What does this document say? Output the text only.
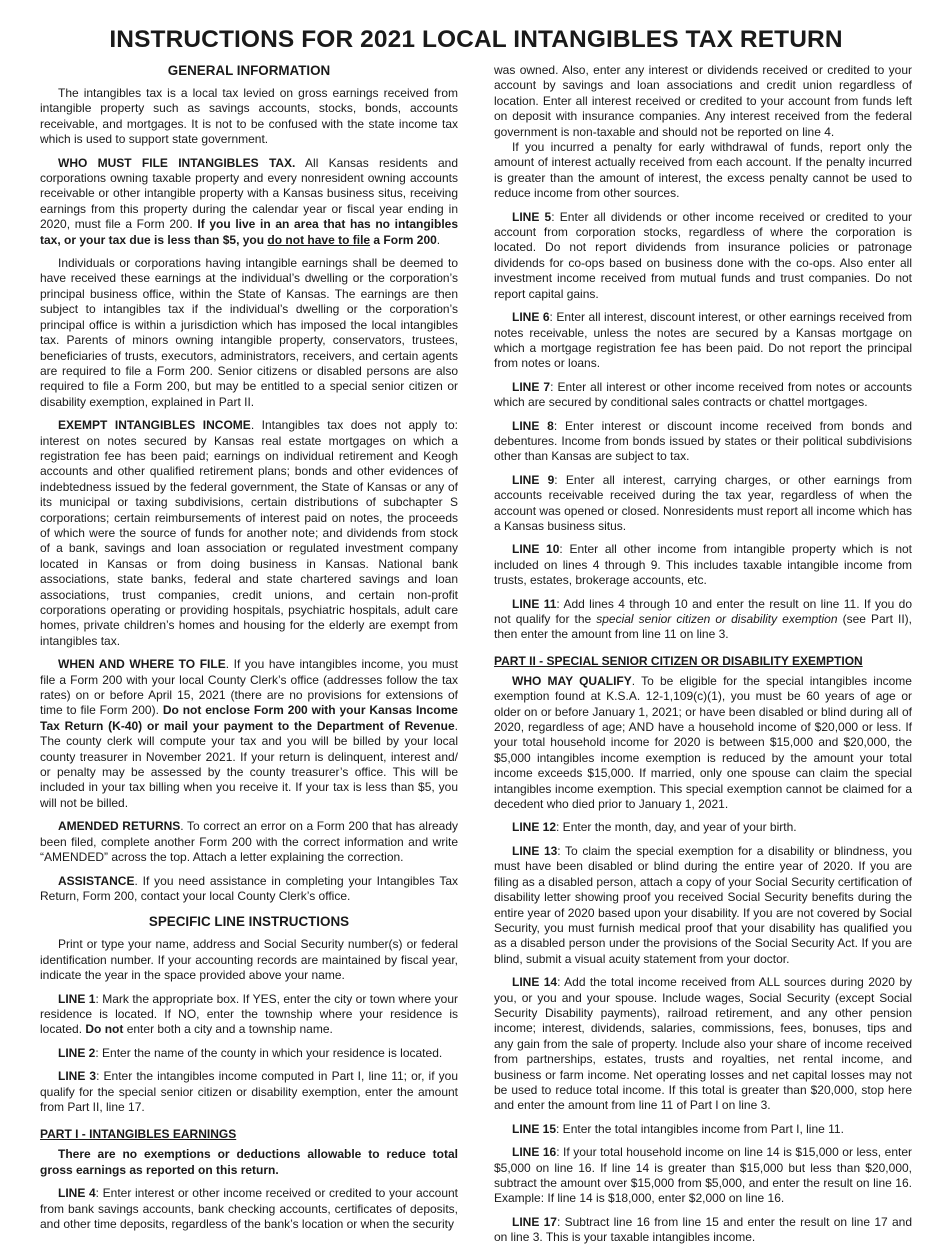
INSTRUCTIONS FOR 2021 LOCAL INTANGIBLES TAX RETURN
GENERAL INFORMATION

The intangibles tax is a local tax levied on gross earnings received from intangible property such as savings accounts, stocks, bonds, accounts receivable, and mortgages. It is not to be confused with the state income tax which is used to support state government.

WHO MUST FILE INTANGIBLES TAX. All Kansas residents and corporations owning taxable property and every nonresident owning accounts receivable or other intangible property with a Kansas business situs, receiving earnings from this property during the calendar year or fiscal year ending in 2020, must file a Form 200. If you live in an area that has no intangibles tax, or your tax due is less than $5, you do not have to file a Form 200.

Individuals or corporations having intangible earnings shall be deemed to have received these earnings at the individual’s dwelling or the corporation’s principal business office, within the State of Kansas. The earnings are then subject to intangibles tax if the individual’s dwelling or the corporation’s principal office is within a jurisdiction which has imposed the local intangibles tax. Parents of minors owning intangible property, conservators, trustees, beneficiaries of trusts, executors, administrators, receivers, and certain agents are required to file a Form 200. Senior citizens or disabled persons are also required to file a Form 200, but may be entitled to a special senior citizen or disability exemption, explained in Part II.

EXEMPT INTANGIBLES INCOME. Intangibles tax does not apply to: interest on notes secured by Kansas real estate mortgages on which a registration fee has been paid; earnings on individual retirement and Keogh accounts and other qualified retirement plans; bonds and other evidences of indebtedness issued by the federal government, the State of Kansas or any of its municipal or taxing subdivisions, certain distributions of subchapter S corporations; certain reimbursements of interest paid on notes, the proceeds of which were the source of funds for another note; and dividends from stock of a bank, savings and loan association or regulated investment company located in Kansas or from doing business in Kansas. National bank associations, state banks, federal and state chartered savings and loan associations, trust companies, credit unions, and certain non-profit corporations operating or providing hospitals, psychiatric hospitals, adult care homes, private children’s homes and housing for the elderly are exempt from intangibles tax.

WHEN AND WHERE TO FILE. If you have intangibles income, you must file a Form 200 with your local County Clerk’s office (addresses follow the tax rates) on or before April 15, 2021 (there are no provisions for extensions of time to file Form 200). Do not enclose Form 200 with your Kansas Income Tax Return (K-40) or mail your payment to the Department of Revenue. The county clerk will compute your tax and you will be billed by your local county treasurer in November 2021. If your return is delinquent, interest and/ or penalty may be assessed by the county treasurer’s office. This will be included in your tax billing when you receive it. If your tax is less than $5, you will not be billed.

AMENDED RETURNS. To correct an error on a Form 200 that has already been filed, complete another Form 200 with the correct information and write “AMENDED” across the top. Attach a letter explaining the correction.

ASSISTANCE. If you need assistance in completing your Intangibles Tax Return, Form 200, contact your local County Clerk’s office.

SPECIFIC LINE INSTRUCTIONS

Print or type your name, address and Social Security number(s) or federal identification number. If your accounting records are maintained by fiscal year, indicate the year in the space provided above your name.

LINE 1: Mark the appropriate box. If YES, enter the city or town where your residence is located. If NO, enter the township where your residence is located. Do not enter both a city and a township name.

LINE 2: Enter the name of the county in which your residence is located.

LINE 3: Enter the intangibles income computed in Part I, line 11; or, if you qualify for the special senior citizen or disability exemption, enter the amount from Part II, line 17.

PART I - INTANGIBLES EARNINGS

There are no exemptions or deductions allowable to reduce total gross earnings as reported on this return.

LINE 4: Enter interest or other income received or credited to your account from bank savings accounts, bank checking accounts, certificates of deposits, and other time deposits, regardless of the bank’s location or when the security

was owned. Also, enter any interest or dividends received or credited to your account by savings and loan associations and credit union regardless of location. Enter all interest received or credited to your account from funds left on deposit with insurance companies. Any interest received from the federal government is non-taxable and should not be reported on line 4.

If you incurred a penalty for early withdrawal of funds, report only the amount of interest actually received from each account. If the penalty incurred is greater than the amount of interest, the excess penalty cannot be used to reduce income from other sources.

LINE 5: Enter all dividends or other income received or credited to your account from corporation stocks, regardless of where the corporation is located. Do not report dividends from insurance policies or patronage dividends for co-ops based on business done with the co-ops. Also enter all investment income received from mutual funds and trust companies. Do not report capital gains.

LINE 6: Enter all interest, discount interest, or other earnings received from notes receivable, unless the notes are secured by a Kansas mortgage on which a mortgage registration fee has been paid. Do not report the principal from notes or loans.

LINE 7: Enter all interest or other income received from notes or accounts which are secured by conditional sales contracts or chattel mortgages.

LINE 8: Enter interest or discount income received from bonds and debentures. Income from bonds issued by states or their political subdivisions other than Kansas are subject to tax.

LINE 9: Enter all interest, carrying charges, or other earnings from accounts receivable received during the tax year, regardless of when the account was opened or closed. Nonresidents must report all income which has a Kansas business situs.

LINE 10: Enter all other income from intangible property which is not included on lines 4 through 9. This includes taxable intangible income from trusts, estates, brokerage accounts, etc.

LINE 11: Add lines 4 through 10 and enter the result on line 11. If you do not qualify for the special senior citizen or disability exemption (see Part II), then enter the amount from line 11 on line 3.

PART II - SPECIAL SENIOR CITIZEN OR DISABILITY EXEMPTION

WHO MAY QUALIFY. To be eligible for the special intangibles income exemption found at K.S.A. 12-1,109(c)(1), you must be 60 years of age or older on or before January 1, 2021; or have been disabled or blind during all of 2020, regardless of age; AND have a household income of $20,000 or less. If your total household income for 2020 is between $15,000 and $20,000, the $5,000 intangibles income exemption is reduced by the amount your total income exceeds $15,000. If married, only one spouse can claim the special intangibles income exemption. This special exemption cannot be claimed for a decedent who died prior to January 1, 2021.

LINE 12: Enter the month, day, and year of your birth.

LINE 13: To claim the special exemption for a disability or blindness, you must have been disabled or blind during the entire year of 2020. If you are filing as a disabled person, attach a copy of your Social Security certification of disability letter showing proof you received Social Security benefits during the entire year of 2020 based upon your disability. If you are not covered by Social Security, you must furnish medical proof that your disability has qualified you as a disabled person under the provisions of the Social Security Act. If you are blind, submit a visual acuity statement from your doctor.

LINE 14: Add the total income received from ALL sources during 2020 by you, or you and your spouse. Include wages, Social Security (except Social Security Disability payments), railroad retirement, and any other pension income; interest, dividends, salaries, commissions, fees, bonuses, tips and any gain from the sale of property. Include also your share of income received from partnerships, estates, trusts and royalties, net rental income, and business or farm income. Net operating losses and net capital losses may not be used to reduce total income. If this total is greater than $20,000, stop here and enter the amount from line 11 of Part I on line 3.

LINE 15: Enter the total intangibles income from Part I, line 11.

LINE 16: If your total household income on line 14 is $15,000 or less, enter $5,000 on line 16. If line 14 is greater than $15,000 but less than $20,000, subtract the amount over $15,000 from $5,000, and enter the result on line 16. Example: If line 14 is $18,000, enter $2,000 on line 16.

LINE 17: Subtract line 16 from line 15 and enter the result on line 17 and on line 3. This is your taxable intangibles income.
